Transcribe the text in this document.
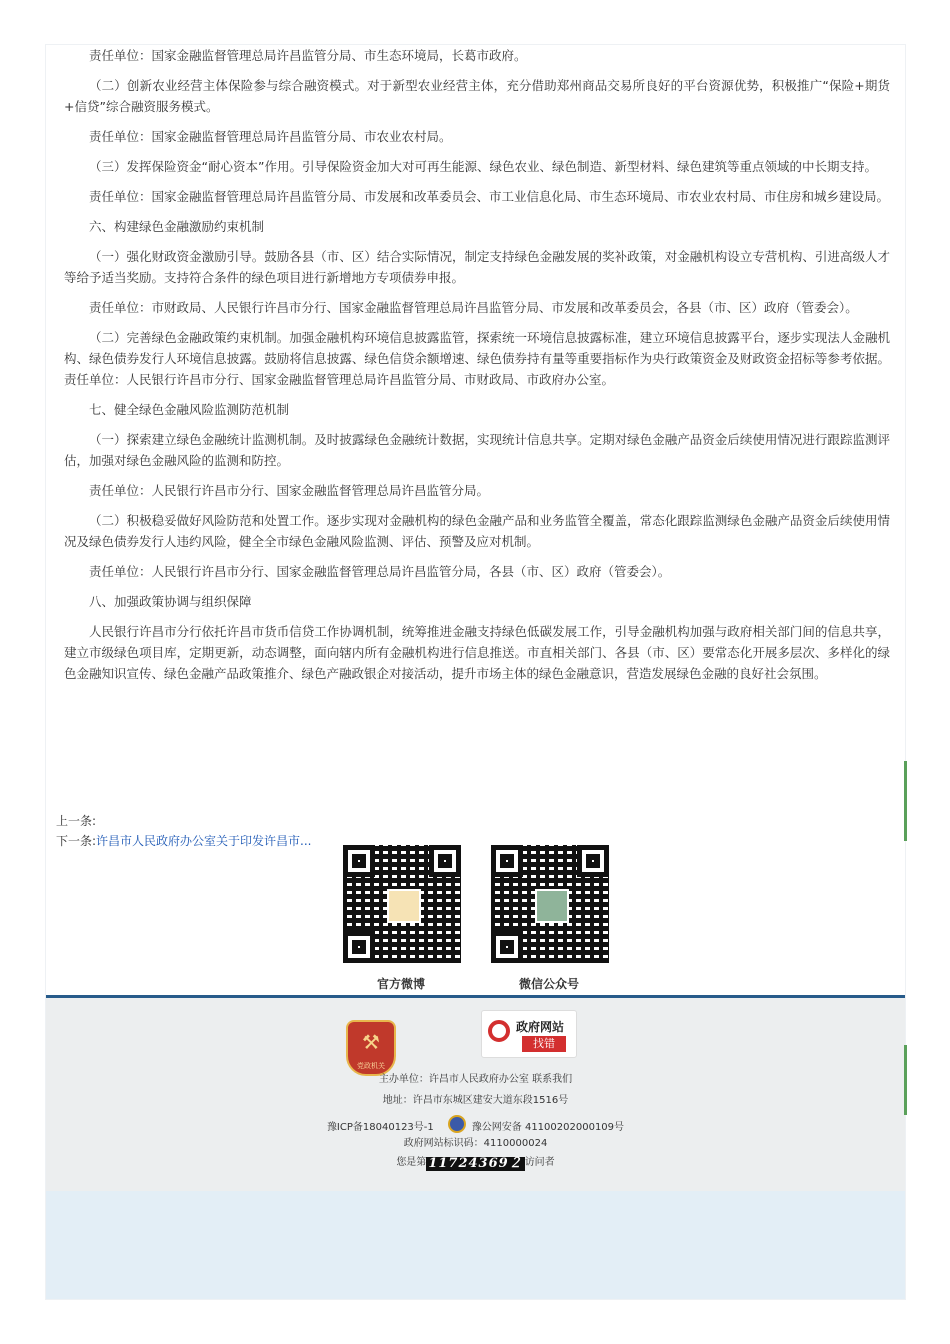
责任单位：国家金融监督管理总局许昌监管分局、市生态环境局，长葛市政府。

（二）创新农业经营主体保险参与综合融资模式。对于新型农业经营主体，充分借助郑州商品交易所良好的平台资源优势，积极推广“保险+期货+信贷”综合融资服务模式。

责任单位：国家金融监督管理总局许昌监管分局、市农业农村局。

（三）发挥保险资金“耐心资本”作用。引导保险资金加大对可再生能源、绿色农业、绿色制造、新型材料、绿色建筑等重点领域的中长期支持。

责任单位：国家金融监督管理总局许昌监管分局、市发展和改革委员会、市工业信息化局、市生态环境局、市农业农村局、市住房和城乡建设局。

六、构建绿色金融激励约束机制

（一）强化财政资金激励引导。鼓励各县（市、区）结合实际情况，制定支持绿色金融发展的奖补政策，对金融机构设立专营机构、引进高级人才等给予适当奖励。支持符合条件的绿色项目进行新增地方专项债券申报。

责任单位：市财政局、人民银行许昌市分行、国家金融监督管理总局许昌监管分局、市发展和改革委员会，各县（市、区）政府（管委会）。

（二）完善绿色金融政策约束机制。加强金融机构环境信息披露监管，探索统一环境信息披露标准，建立环境信息披露平台，逐步实现法人金融机构、绿色债券发行人环境信息披露。鼓励将信息披露、绿色信贷余额增速、绿色债券持有量等重要指标作为央行政策资金及财政资金招标等参考依据。责任单位：人民银行许昌市分行、国家金融监督管理总局许昌监管分局、市财政局、市政府办公室。

七、健全绿色金融风险监测防范机制

（一）探索建立绿色金融统计监测机制。及时披露绿色金融统计数据，实现统计信息共享。定期对绿色金融产品资金后续使用情况进行跟踪监测评估，加强对绿色金融风险的监测和防控。

责任单位：人民银行许昌市分行、国家金融监督管理总局许昌监管分局。

（二）积极稳妥做好风险防范和处置工作。逐步实现对金融机构的绿色金融产品和业务监管全覆盖，常态化跟踪监测绿色金融产品资金后续使用情况及绿色债券发行人违约风险，健全全市绿色金融风险监测、评估、预警及应对机制。

责任单位：人民银行许昌市分行、国家金融监督管理总局许昌监管分局，各县（市、区）政府（管委会）。

八、加强政策协调与组织保障

人民银行许昌市分行依托许昌市货币信贷工作协调机制，统筹推进金融支持绿色低碳发展工作，引导金融机构加强与政府相关部门间的信息共享，建立市级绿色项目库，定期更新，动态调整，面向辖内所有金融机构进行信息推送。市直相关部门、各县（市、区）要常态化开展多层次、多样化的绿色金融知识宣传、绿色金融产品政策推介、绿色产融政银企对接活动，提升市场主体的绿色金融意识，营造发展绿色金融的良好社会氛围。

上一条:
下一条:许昌市人民政府办公室关于印发许昌市...
官方微博	微信公众号
⚒
党政机关
政府网站
找错
主办单位：许昌市人民政府办公室 联系我们
地址：许昌市东城区建安大道东段1516号
豫ICP备18040123号-1	豫公网安备 41100202000109号
政府网站标识码：4110000024
您是第 11724369２ 访问者
